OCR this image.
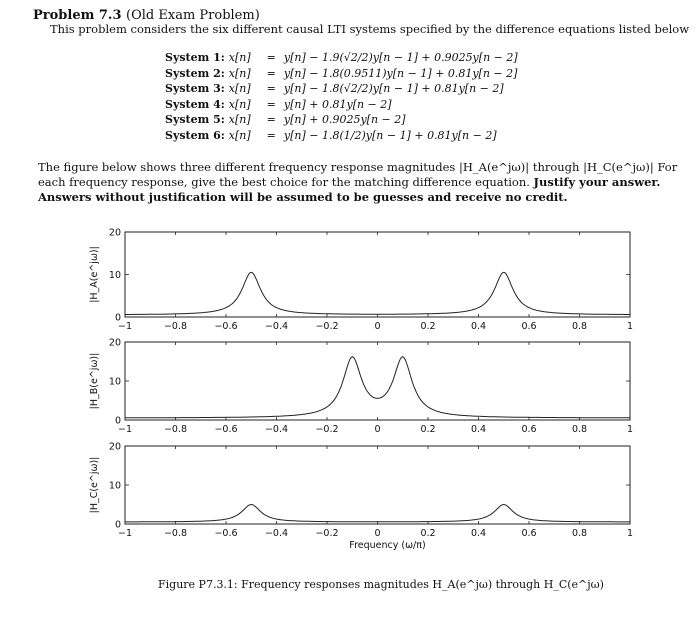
Problem 7.3 (Old Exam Problem)
This problem considers the six different causal LTI systems specified by the difference equations listed below
System 1:	x[n]	=	y[n] − 1.9(√2/2)y[n − 1] + 0.9025y[n − 2]
System 2:	x[n]	=	y[n] − 1.8(0.9511)y[n − 1] + 0.81y[n − 2]
System 3:	x[n]	=	y[n] − 1.8(√2/2)y[n − 1] + 0.81y[n − 2]
System 4:	x[n]	=	y[n] + 0.81y[n − 2]
System 5:	x[n]	=	y[n] + 0.9025y[n − 2]
System 6:	x[n]	=	y[n] − 1.8(1/2)y[n − 1] + 0.81y[n − 2]
The figure below shows three different frequency response magnitudes |H_A(e^jω)| through |H_C(e^jω)| For each frequency response, give the best choice for the matching difference equation. Justify your answer. Answers without justification will be assumed to be guesses and receive no credit.
−1	−0.8	−0.6	−0.4	−0.2	0	0.2	0.4	0.6	0.8	1
0
10
20
|H_A(e^jω)|
−1	−0.8	−0.6	−0.4	−0.2	0	0.2	0.4	0.6	0.8	1
0
10
20
|H_B(e^jω)|
−1	−0.8	−0.6	−0.4	−0.2	0	0.2	0.4	0.6	0.8	1
0
10
20
|H_C(e^jω)|
Frequency (ω/π)
Figure P7.3.1: Frequency responses magnitudes H_A(e^jω) through H_C(e^jω)
